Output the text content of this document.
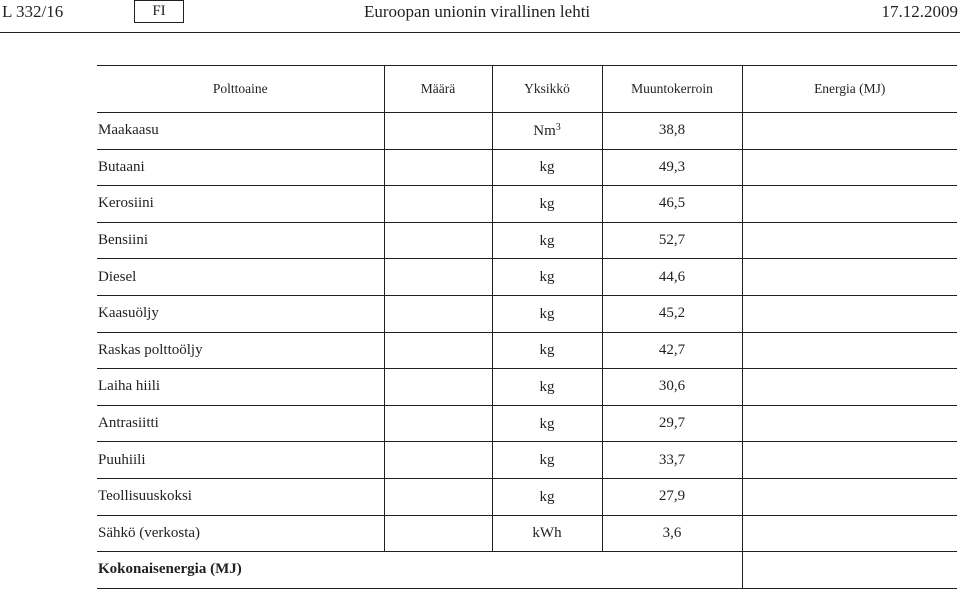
L 332/16	FI	Euroopan unionin virallinen lehti	17.12.2009
Polttoaine	Määrä	Yksikkö	Muuntokerroin	Energia (MJ)
Maakaasu		Nm$^3$	38,8	
Butaani		kg	49,3	
Kerosiini		kg	46,5	
Bensiini		kg	52,7	
Diesel		kg	44,6	
Kaasuöljy		kg	45,2	
Raskas polttoöljy		kg	42,7	
Laiha hiili		kg	30,6	
Antrasiitti		kg	29,7	
Puuhiili		kg	33,7	
Teollisuuskoksi		kg	27,9	
Sähkö (verkosta)		kWh	3,6	
Kokonaisenergia (MJ)				
